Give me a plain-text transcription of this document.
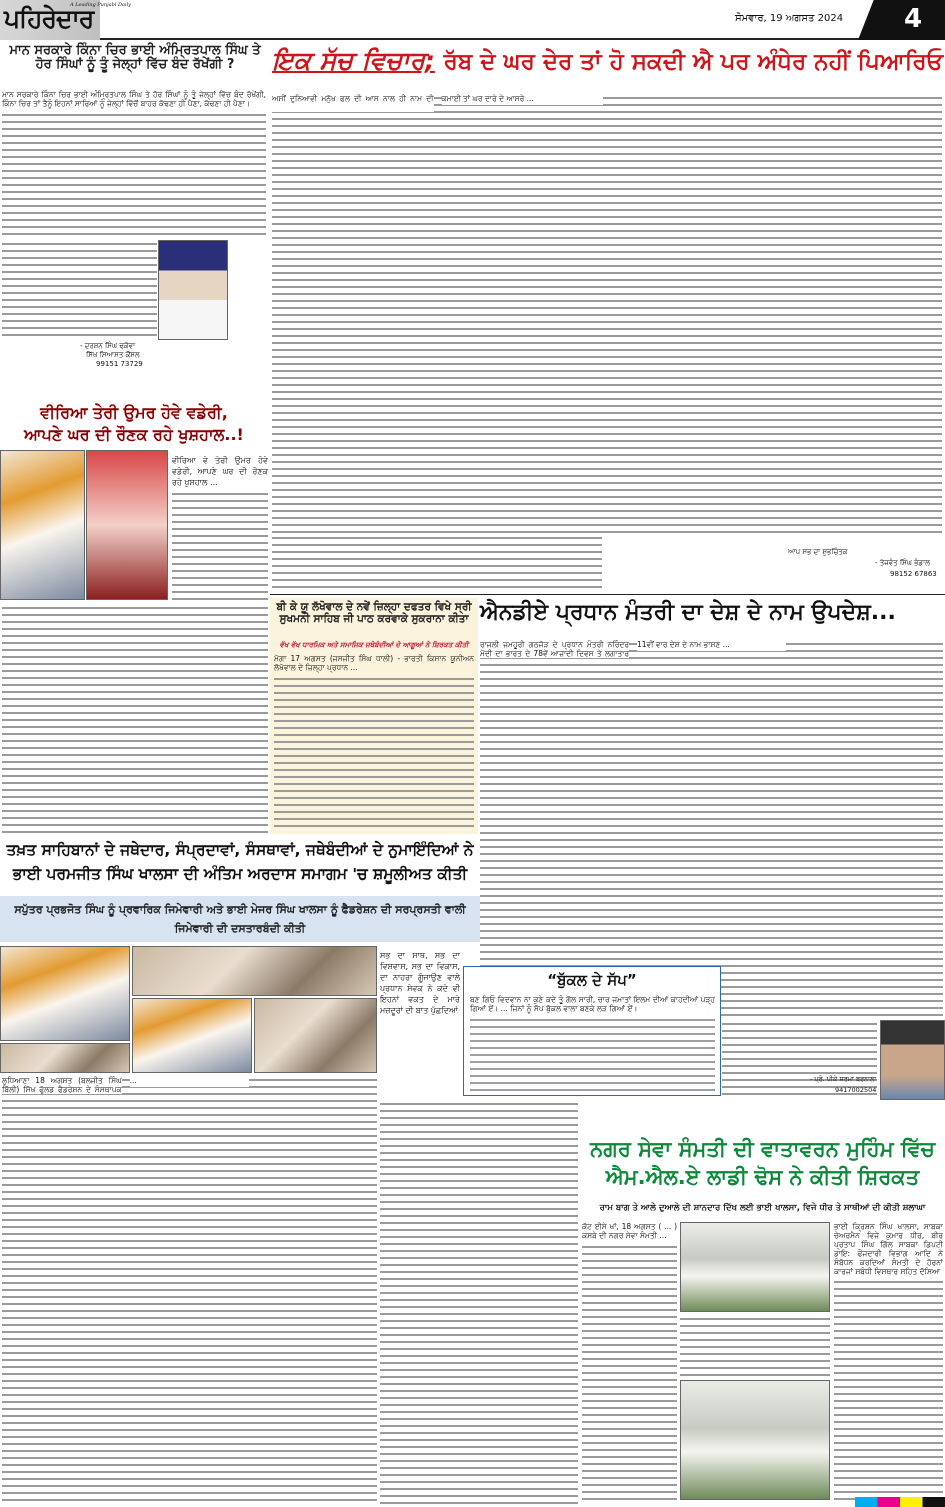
ਪਹਿਰੇਦਾਰ
A Leading Punjabi Daily
ਸੋਮਵਾਰ, 19 ਅਗਸਤ 2024 4
ਮਾਨ ਸਰਕਾਰੇ ਕਿੰਨਾ ਚਿਰ ਭਾਈ ਅੰਮ੍ਰਿਤਪਾਲ ਸਿੰਘ ਤੇ ਹੋਰ ਸਿੰਘਾਂ ਨੂੰ ਤੂੰ ਜੇਲ੍ਹਾਂ ਵਿੱਚ ਬੰਦ ਰੱਖੇਂਗੀ ?

ਮਾਨ ਸਰਕਾਰੇ ਕਿੰਨਾ ਚਿਰ ਭਾਈ ਅੰਮ੍ਰਿਤਪਾਲ ਸਿੰਘ ਤੇ ਹੋਰ ਸਿੰਘਾਂ ਨੂੰ ਤੂੰ ਜੇਲ੍ਹਾਂ ਵਿੱਚ ਬੰਦ ਰੱਖੇਂਗੀ, ਕਿੰਨਾ ਚਿਰ ਤਾਂ ਤੈਨੂੰ ਇਹਨਾਂ ਸਾਰਿਆਂ ਨੂੰ ਜੇਲ੍ਹਾਂ ਵਿੱਚੋਂ ਬਾਹਰ ਕੱਢਣਾ ਹੀ ਪੈਣਾ, ਕੱਢਣਾ ਹੀ ਪੈਣਾ।

- ਦਰਸ਼ਨ ਸਿੰਘ ਢਕੋਵਾ
ਸਿੱਖ ਸਿਆਸਤ ਕੌਂਸਲ
99151 73729
ਵੀਰਿਆ ਤੇਰੀ ਉਮਰ ਹੋਵੇ ਵਡੇਰੀ,
ਆਪਣੇ ਘਰ ਦੀ ਰੌਣਕ ਰਹੇ ਖੁਸ਼ਹਾਲ..!

ਵੀਰਿਆ ਵੇ ਤੇਰੀ ਉਮਰ ਹੋਵੇ ਵਡੇਰੀ, ਆਪਣੇ ਘਰ ਦੀ ਰੌਣਕ ਰਹੇ ਖੁਸ਼ਹਾਲ ...

ਇਕ ਸੱਚ ਵਿਚਾਰ; ਰੱਬ ਦੇ ਘਰ ਦੇਰ ਤਾਂ ਹੋ ਸਕਦੀ ਐ ਪਰ ਅੰਧੇਰ ਨਹੀਂ ਪਿਆਰਿਓ

ਅਸੀਂ ਦੁਨਿਆਵੀ ਮਨੁੱਖ ਫਲ ਦੀ ਆਸ ਨਾਲ ਹੀ ਨਾਮ ਦੀ ਕਮਾਈ ਤਾਂ ਘਰ ਦਾਰੇ ਦੇ ਆਸਰੇ ...

ਆਪ ਸਭ ਦਾ ਸ਼ੁਭਚਿੰਤਕ
- ਤੇਜਵੰਤ ਸਿੰਘ ਭੰਡਾਲ
98152 67863
ਬੀ ਕੇ ਯੂ ਲੱਖੋਵਾਲ ਦੇ ਨਵੇਂ ਜ਼ਿਲ੍ਹਾ ਦਫਤਰ ਵਿਖੇ ਸ੍ਰੀ ਸੁਖਮਨੀ ਸਾਹਿਬ ਜੀ ਪਾਠ ਕਰਵਾਕੇ ਸੁਕਰਾਨਾ ਕੀਤਾ
ਵੱਖ ਵੱਖ ਧਾਰਮਿਕ ਅਤੇ ਸਮਾਜਿਕ ਜਥੇਬੰਦੀਆਂ ਦੇ ਆਗੂਆਂ ਨੇ ਸ਼ਿਰਕਤ ਕੀਤੀ

ਮੋਗਾ 17 ਅਗਸਤ (ਜਸਜੀਤ ਸਿੰਘ ਧਾਲੀ) - ਭਾਰਤੀ ਕਿਸਾਨ ਯੂਨੀਅਨ ਲੱਖੋਵਾਲ ਦੇ ਜ਼ਿਲ੍ਹਾ ਪ੍ਰਧਾਨ ...

ਐਨਡੀਏ ਪ੍ਰਧਾਨ ਮੰਤਰੀ ਦਾ ਦੇਸ਼ ਦੇ ਨਾਮ ਉਪਦੇਸ਼...

ਰਾਜਲੀ ਜਮਹੂਰੀ ਗਠਜੋੜ ਦੇ ਪ੍ਰਧਾਨ ਮੰਤਰੀ ਨਰਿੰਦਰ ਮੋਦੀ ਦਾ ਭਾਰਤ ਦੇ 78ਵੇਂ ਆਜ਼ਾਦੀ ਦਿਵਸ ਤੇ ਲਗਾਤਾਰ 11ਵੀਂ ਵਾਰ ਦੇਸ਼ ਦੇ ਨਾਮ ਭਾਸ਼ਣ ...

- ਪ੍ਰੋ. ਪੀਕੇ ਸ਼ਰਮਾ ਬਰਨਾਲਾ
9417002504
ਤਖ਼ਤ ਸਾਹਿਬਾਨਾਂ ਦੇ ਜਥੇਦਾਰ, ਸੰਪ੍ਰਦਾਵਾਂ, ਸੰਸਥਾਵਾਂ, ਜਥੇਬੰਦੀਆਂ ਦੇ ਨੁਮਾਇੰਦਿਆਂ ਨੇ
ਭਾਈ ਪਰਮਜੀਤ ਸਿੰਘ ਖਾਲਸਾ ਦੀ ਅੰਤਿਮ ਅਰਦਾਸ ਸਮਾਗਮ 'ਚ ਸ਼ਮੂਲੀਅਤ ਕੀਤੀ
ਸਪੁੱਤਰ ਪ੍ਰਭਜੋਤ ਸਿੰਘ ਨੂੰ ਪ੍ਰਵਾਰਿਕ ਜਿਮੇਵਾਰੀ ਅਤੇ ਭਾਈ ਮੇਜਰ ਸਿੰਘ ਖਾਲਸਾ ਨੂੰ ਫੈਡਰੇਸ਼ਨ ਦੀ ਸਰਪ੍ਰਸਤੀ ਵਾਲੀ ਜਿਮੇਵਾਰੀ ਦੀ ਦਸਤਾਰਬੰਦੀ ਕੀਤੀ

ਸਭ ਦਾ ਸਾਥ, ਸਭ ਦਾ ਵਿਸ਼ਵਾਸ, ਸਭ ਦਾ ਵਿਕਾਸ, ਦਾ ਨਾਹਰਾ ਗੂੰਜਾਉਣ ਵਾਲੇ ਪ੍ਰਧਾਨ ਸੇਵਕ ਨੇ ਕਦੇ ਵੀ ਇਹਨਾਂ ਵਕਤ ਦੇ ਮਾਰੇ ਮਜ਼ਦੂਰਾਂ ਦੀ ਬਾਤ ਪੁੱਛਦਿਆਂ

ਲੁਧਿਆਣਾ 18 ਅਗਸਤ (ਬਲਜੀਤ ਸਿੰਘ ਬਿੱਲੀ) ਸਿੱਖ ਫੁੱਲਡ ਫੈਡਰੇਸ਼ਨ ਦੇ ਸੰਸਥਾਪਕ ...

“ਬੁੱਕਲ ਦੇ ਸੱਪ”

ਬਣ ਗਿਓ ਵਿਦਵਾਨ ਨਾ ਕੁਣੇ ਕਦੇ ਤੂੰ ਗੱਲ ਸਾਰੀ, ਚਾਰ ਜਮਾਤਾਂ ਇਲਮ ਦੀਆਂ ਕਾਹਦੀਆਂ ਪੜ੍ਹ ਗਿਆਂ ਏਂ। ... ਜਿਨਾਂ ਨੂੰ ਸੱਪ ਬੁੱਕਲ ਵਾਲਾ ਬਣਕੇ ਲੜ ਗਿਆਂ ਏਂ।

ਨਗਰ ਸੇਵਾ ਸੰਮਤੀ ਦੀ ਵਾਤਾਵਰਨ ਮੁਹਿੰਮ ਵਿੱਚ
ਐਮ.ਐਲ.ਏ ਲਾਡੀ ਢੋਸ ਨੇ ਕੀਤੀ ਸ਼ਿਰਕਤ
ਰਾਮ ਬਾਗ ਤੇ ਆਲੇ ਦੁਆਲੇ ਦੀ ਸ਼ਾਨਦਾਰ ਦਿੱਖ ਲਈ ਭਾਈ ਖਾਲਸਾ, ਵਿਜੇ ਧੀਰ ਤੇ ਸਾਥੀਆਂ ਦੀ ਕੀਤੀ ਸ਼ਲਾਘਾ

ਕੋਟ ਈਸੇ ਖਾਂ, 18 ਅਗਸਤ ( ... ) ਕਸਬੇ ਦੀ ਨਗਰ ਸੇਵਾ ਸੰਮਤੀ ...

ਭਾਈ ਕ੍ਰਿਸ਼ਨ ਸਿੰਘ ਖਾਲਸਾ, ਸਾਬਕਾ ਚੇਅਰਮੈਨ ਵਿਜੇ ਕੁਮਾਰ ਧੀਰ, ਬੀਰ ਪ੍ਰਤਾਪ ਸਿੰਘ ਗਿੱਲ ਸਾਬਕਾ ਡਿਪਟੀ ਡਾਇ: ਫੌਜਦਾਰੀ ਵਿਭਾਗ ਆਦਿ ਨੇ ਸੰਬੋਧਨ ਕਰਦਿਆਂ ਸੰਮਤੀ ਦੇ ਹੋਰਨਾਂ ਕਾਰਜਾਂ ਸਬੰਧੀ ਵਿਸਥਾਰ ਸਹਿਤ ਦੱਸਿਆ
